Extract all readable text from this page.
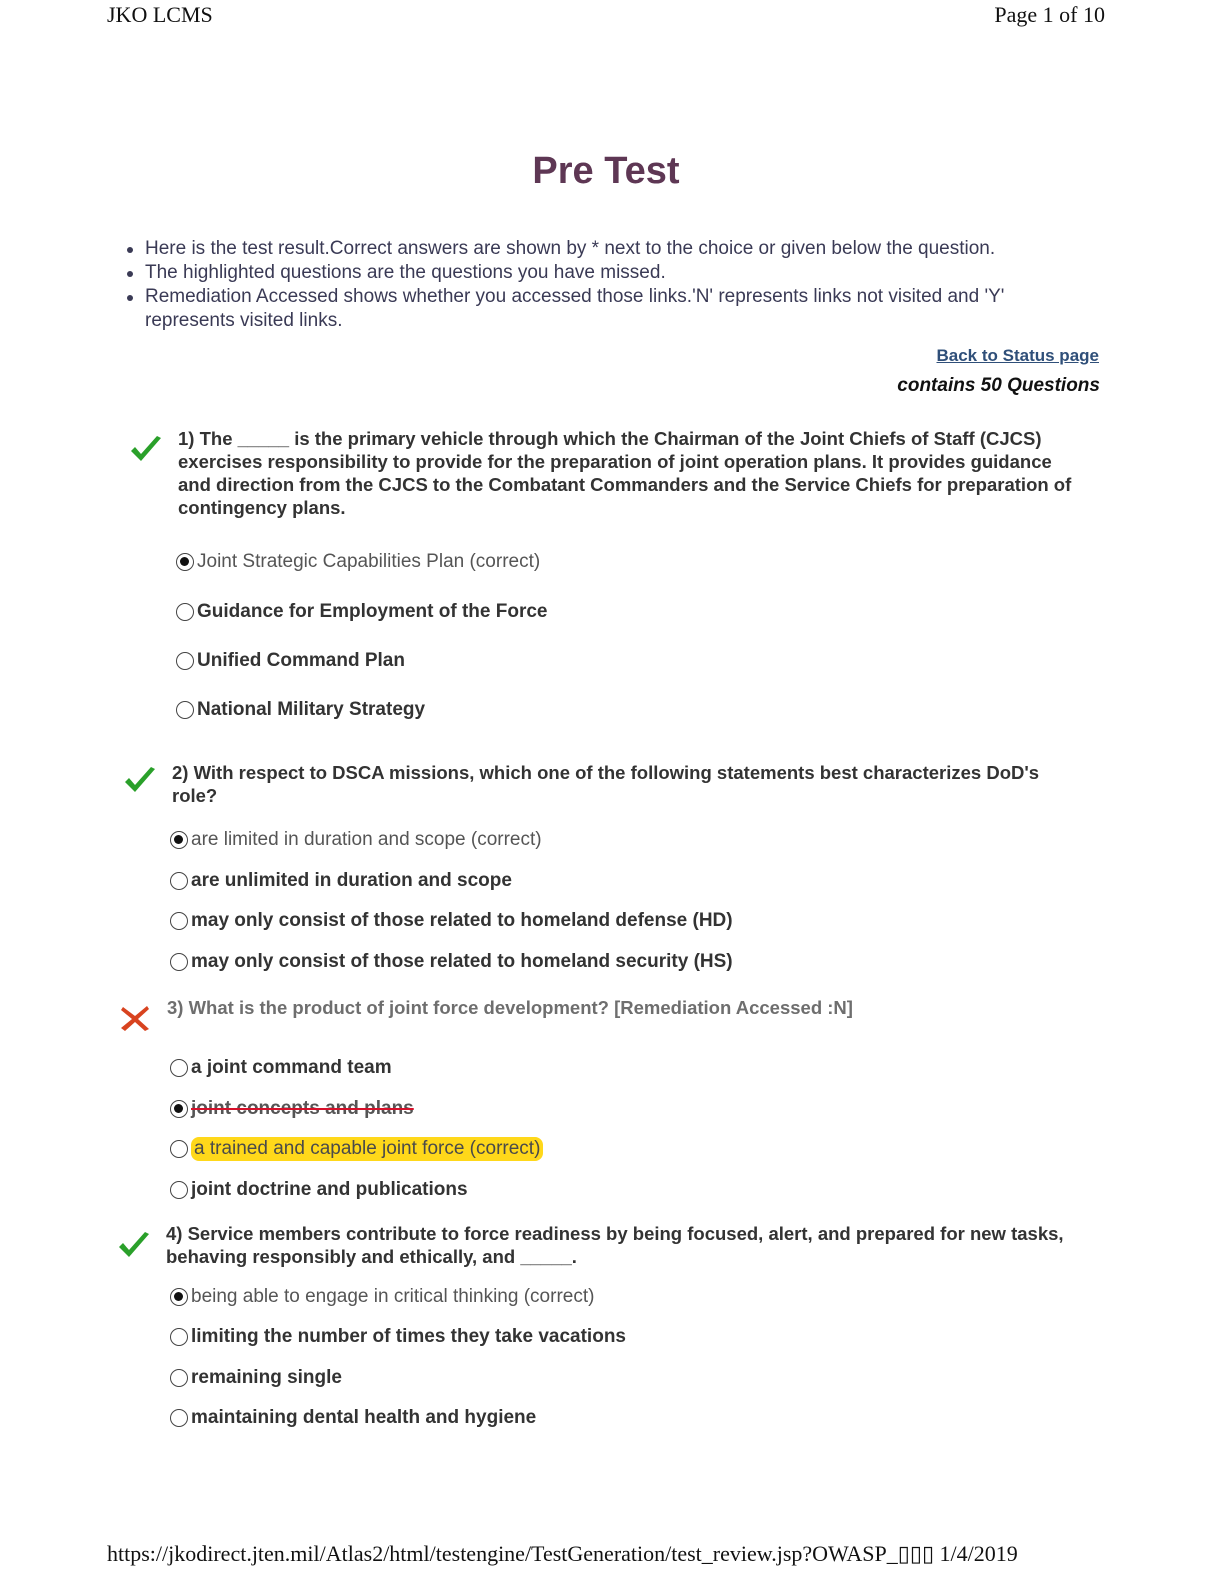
JKO LCMS	Page 1 of 10
Pre Test
Here is the test result.Correct answers are shown by * next to the choice or given below the question.
The highlighted questions are the questions you have missed.
Remediation Accessed shows whether you accessed those links.'N' represents links not visited and 'Y' represents visited links.
Back to Status page
contains 50 Questions
1) The _____ is the primary vehicle through which the Chairman of the Joint Chiefs of Staff (CJCS) exercises responsibility to provide for the preparation of joint operation plans. It provides guidance and direction from the CJCS to the Combatant Commanders and the Service Chiefs for preparation of contingency plans.
Joint Strategic Capabilities Plan (correct)
Guidance for Employment of the Force
Unified Command Plan
National Military Strategy
2) With respect to DSCA missions, which one of the following statements best characterizes DoD's role?
are limited in duration and scope (correct)
are unlimited in duration and scope
may only consist of those related to homeland defense (HD)
may only consist of those related to homeland security (HS)
3) What is the product of joint force development? [Remediation Accessed :N]
a joint command team
joint concepts and plans
a trained and capable joint force (correct)
joint doctrine and publications
4) Service members contribute to force readiness by being focused, alert, and prepared for new tasks, behaving responsibly and ethically, and _____.
being able to engage in critical thinking (correct)
limiting the number of times they take vacations
remaining single
maintaining dental health and hygiene
https://jkodirect.jten.mil/Atlas2/html/testengine/TestGeneration/test_review.jsp?OWASP_▯▯▯ 1/4/2019
